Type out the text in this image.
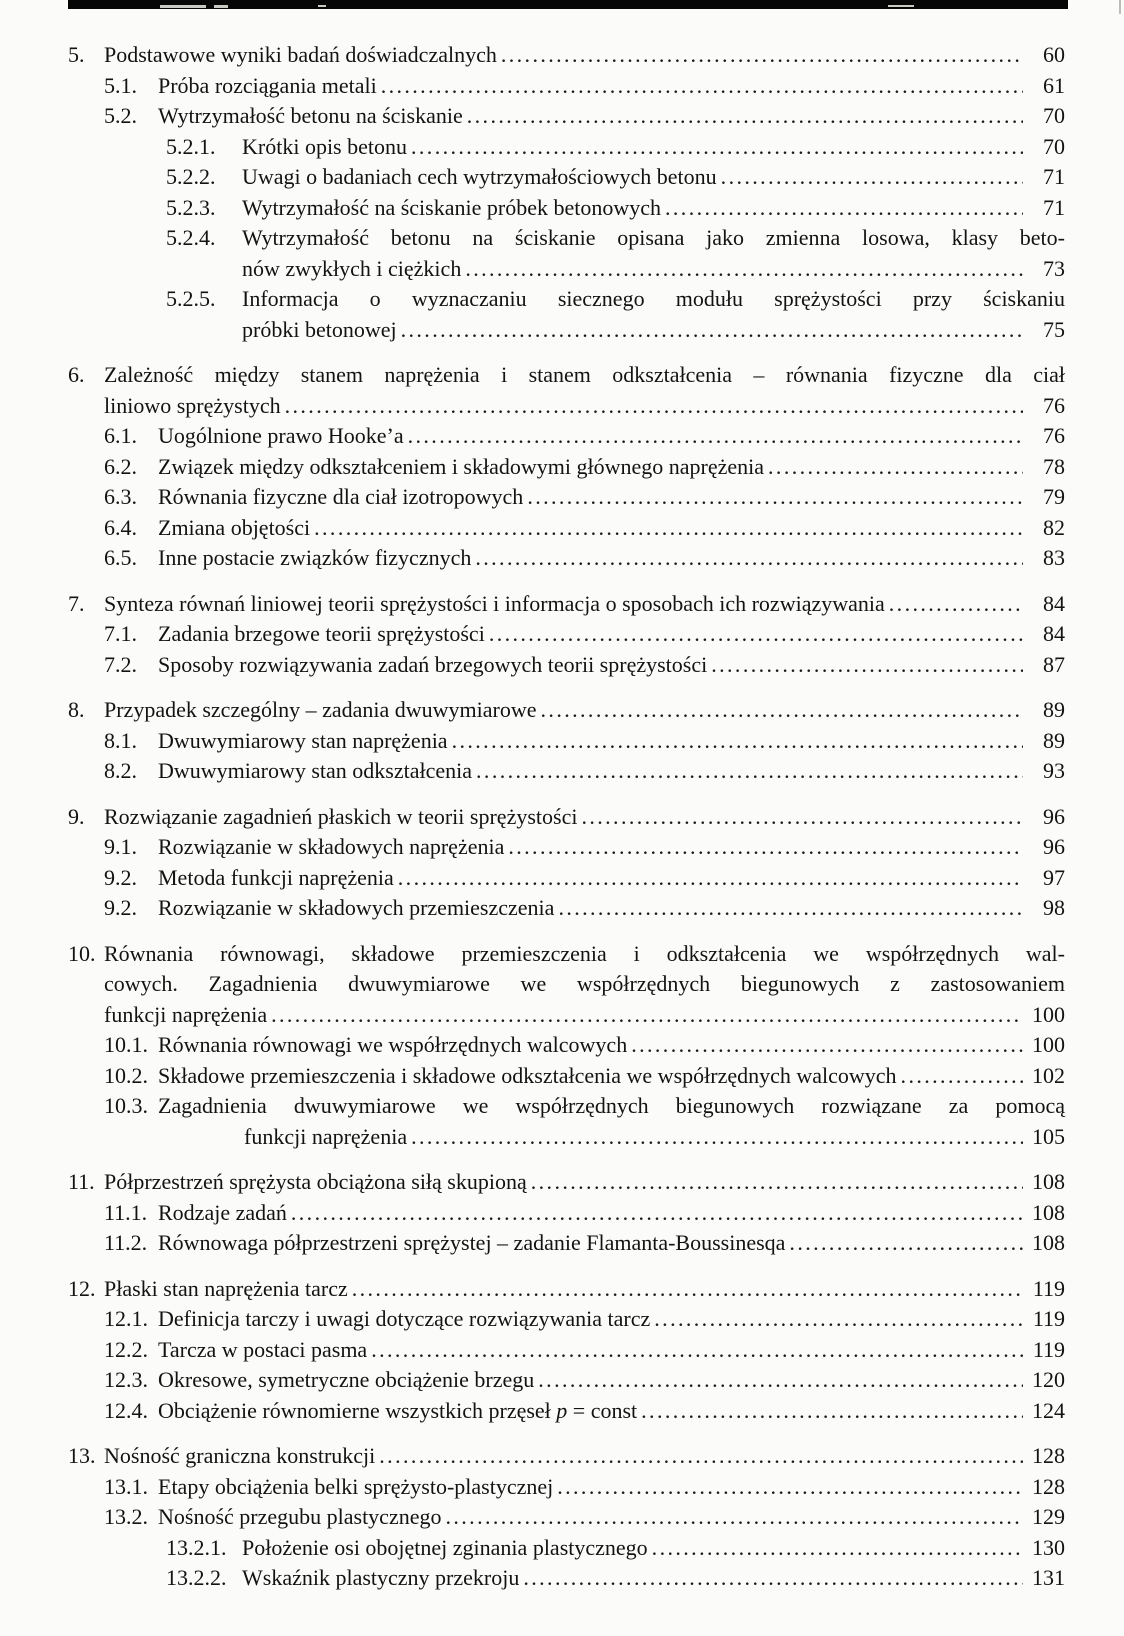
5. Podstawowe wyniki badań doświadczalnych .....	60
5.1. Próba rozciągania metali .....	61
5.2. Wytrzymałość betonu na ściskanie .....	70
5.2.1.	Krótki opis betonu .....	70
5.2.2.	Uwagi o badaniach cech wytrzymałościowych betonu .....	71
5.2.3.	Wytrzymałość na ściskanie próbek betonowych .....	71
5.2.4.	Wytrzymałość betonu na ściskanie opisana jako zmienna losowa, klasy beto-
nów zwykłych i ciężkich .....	73
5.2.5.	Informacja o wyznaczaniu siecznego modułu sprężystości przy ściskaniu
próbki betonowej .....	75
6. Zależność między stanem naprężenia i stanem odkształcenia – równania fizyczne dla ciał
liniowo sprężystych .....	76
6.1. Uogólnione prawo Hooke’a .....	76
6.2. Związek między odkształceniem i składowymi głównego naprężenia .....	78
6.3. Równania fizyczne dla ciał izotropowych .....	79
6.4. Zmiana objętości .....	82
6.5. Inne postacie związków fizycznych .....	83
7. Synteza równań liniowej teorii sprężystości i informacja o sposobach ich rozwiązywania .....	84
7.1. Zadania brzegowe teorii sprężystości .....	84
7.2. Sposoby rozwiązywania zadań brzegowych teorii sprężystości .....	87
8. Przypadek szczególny – zadania dwuwymiarowe .....	89
8.1. Dwuwymiarowy stan naprężenia .....	89
8.2. Dwuwymiarowy stan odkształcenia .....	93
9. Rozwiązanie zagadnień płaskich w teorii sprężystości .....	96
9.1. Rozwiązanie w składowych naprężenia .....	96
9.2. Metoda funkcji naprężenia .....	97
9.2. Rozwiązanie w składowych przemieszczenia .....	98
10. Równania równowagi, składowe przemieszczenia i odkształcenia we współrzędnych wal-
cowych. Zagadnienia dwuwymiarowe we współrzędnych biegunowych z zastosowaniem
funkcji naprężenia .....	100
10.1. Równania równowagi we współrzędnych walcowych .....	100
10.2. Składowe przemieszczenia i składowe odkształcenia we współrzędnych walcowych .....	102
10.3. Zagadnienia dwuwymiarowe we współrzędnych biegunowych rozwiązane za pomocą
funkcji naprężenia .....	105
11. Półprzestrzeń sprężysta obciążona siłą skupioną .....	108
11.1. Rodzaje zadań .....	108
11.2. Równowaga półprzestrzeni sprężystej – zadanie Flamanta-Boussinesqa .....	108
12. Płaski stan naprężenia tarcz .....	119
12.1. Definicja tarczy i uwagi dotyczące rozwiązywania tarcz .....	119
12.2. Tarcza w postaci pasma .....	119
12.3. Okresowe, symetryczne obciążenie brzegu .....	120
12.4. Obciążenie równomierne wszystkich przęseł p = const .....	124
13. Nośność graniczna konstrukcji .....	128
13.1. Etapy obciążenia belki sprężysto-plastycznej .....	128
13.2. Nośność przegubu plastycznego .....	129
13.2.1. Położenie osi obojętnej zginania plastycznego .....	130
13.2.2. Wskaźnik plastyczny przekroju .....	131
